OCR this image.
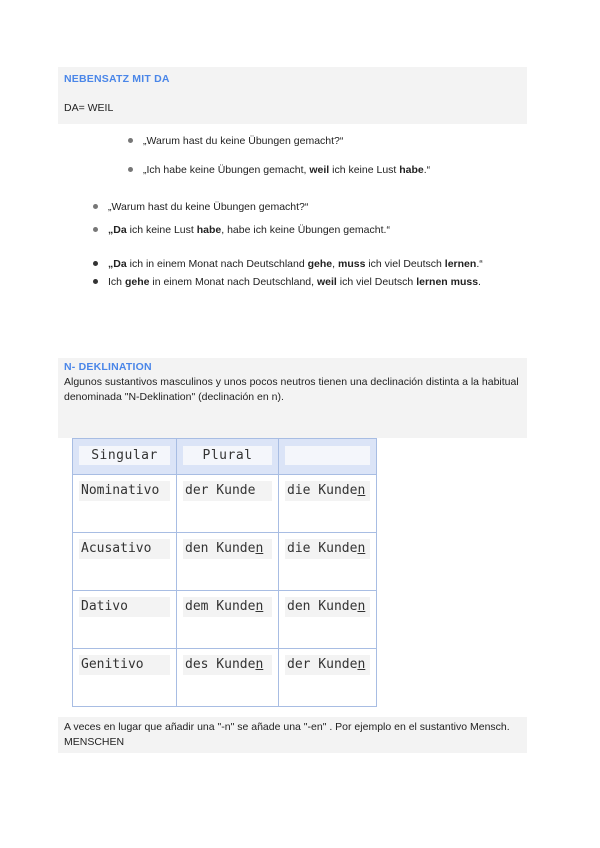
NEBENSATZ MIT DA
DA= WEIL
„Warum hast du keine Übungen gemacht?“
„Ich habe keine Übungen gemacht, weil ich keine Lust habe.“
„Warum hast du keine Übungen gemacht?“
„Da ich keine Lust habe, habe ich keine Übungen gemacht.“
„Da ich in einem Monat nach Deutschland gehe, muss ich viel Deutsch lernen.“
Ich gehe in einem Monat nach Deutschland, weil ich viel Deutsch lernen muss.
N- DEKLINATION
Algunos sustantivos masculinos y unos pocos neutros tienen una declinación distinta a la habitual denominada "N-Deklination" (declinación en n).
Singular	Plural	

Nominativo	der Kunde	die Kunden

Acusativo	den Kunden	die Kunden

Dativo	dem Kunden	den Kunden

Genitivo	des Kunden	der Kunden
A veces en lugar que añadir una "-n" se añade una "-en" . Por ejemplo en el sustantivo Mensch. MENSCHEN
